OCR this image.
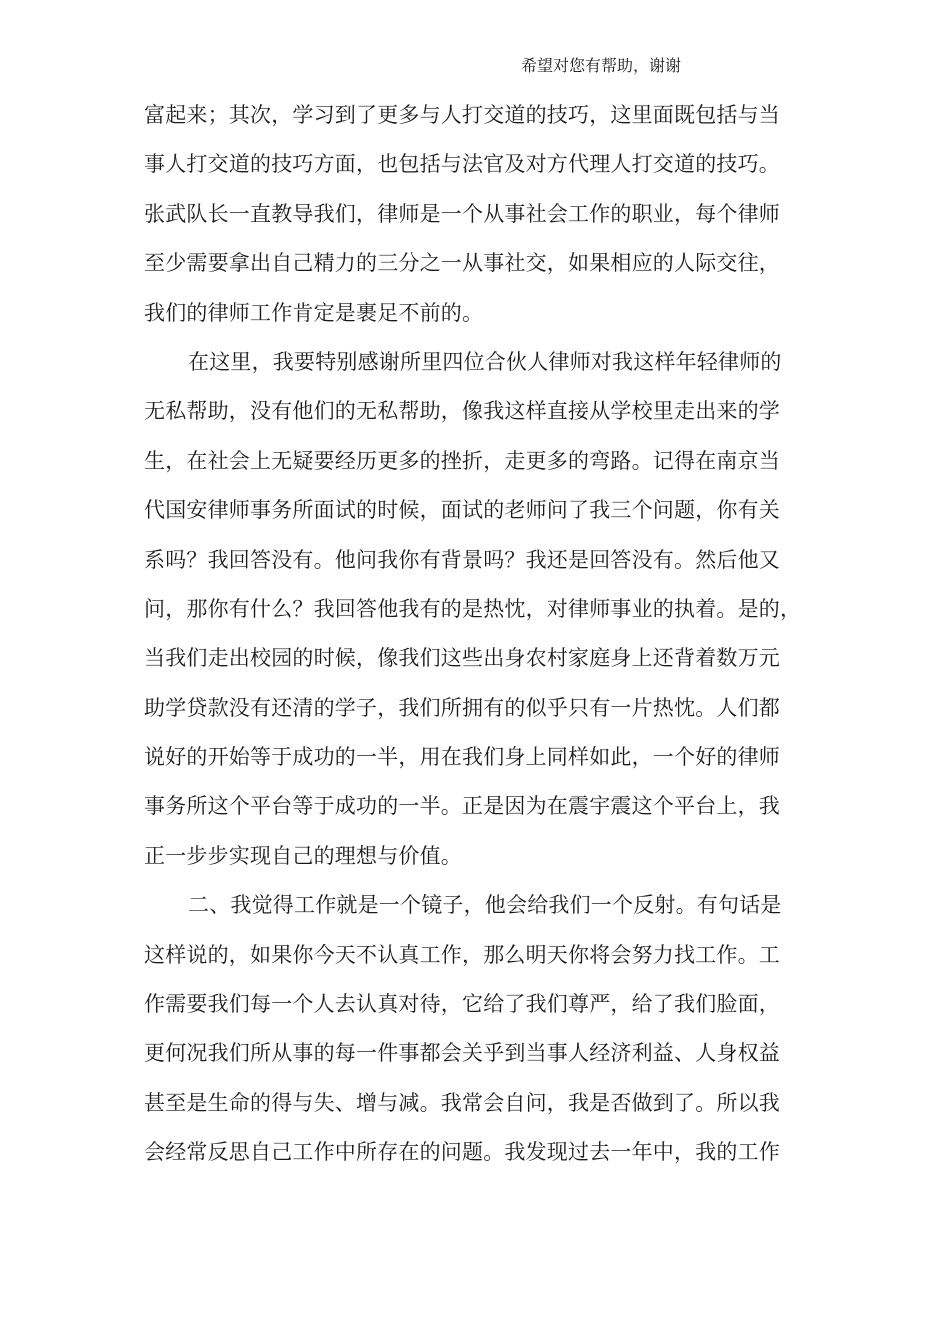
希望对您有帮助，谢谢
富起来；其次，学习到了更多与人打交道的技巧，这里面既包括与当
事人打交道的技巧方面，也包括与法官及对方代理人打交道的技巧。
张武队长一直教导我们，律师是一个从事社会工作的职业，每个律师
至少需要拿出自己精力的三分之一从事社交，如果相应的人际交往，
我们的律师工作肯定是裹足不前的。
在这里，我要特别感谢所里四位合伙人律师对我这样年轻律师的
无私帮助，没有他们的无私帮助，像我这样直接从学校里走出来的学
生，在社会上无疑要经历更多的挫折，走更多的弯路。记得在南京当
代国安律师事务所面试的时候，面试的老师问了我三个问题，你有关
系吗？我回答没有。他问我你有背景吗？我还是回答没有。然后他又
问，那你有什么？我回答他我有的是热忱，对律师事业的执着。是的，
当我们走出校园的时候，像我们这些出身农村家庭身上还背着数万元
助学贷款没有还清的学子，我们所拥有的似乎只有一片热忱。人们都
说好的开始等于成功的一半，用在我们身上同样如此，一个好的律师
事务所这个平台等于成功的一半。正是因为在震宇震这个平台上，我
正一步步实现自己的理想与价值。
二、我觉得工作就是一个镜子，他会给我们一个反射。有句话是
这样说的，如果你今天不认真工作，那么明天你将会努力找工作。工
作需要我们每一个人去认真对待，它给了我们尊严，给了我们脸面，
更何况我们所从事的每一件事都会关乎到当事人经济利益、人身权益
甚至是生命的得与失、增与减。我常会自问，我是否做到了。所以我
会经常反思自己工作中所存在的问题。我发现过去一年中，我的工作
